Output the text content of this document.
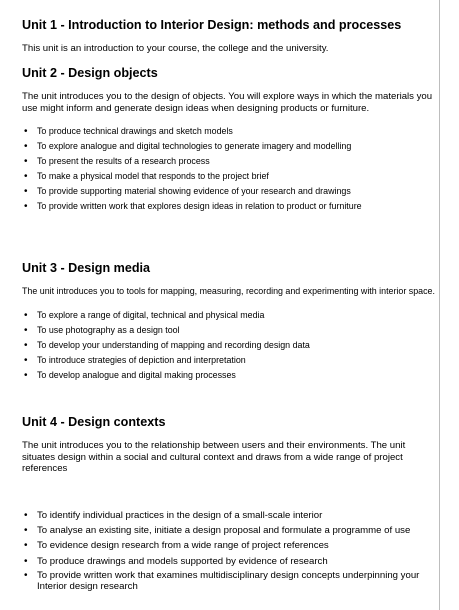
Unit 1 - Introduction to Interior Design: methods and processes

This unit is an introduction to your course, the college and the university.

Unit 2 - Design objects

The unit introduces you to the design of objects. You will explore ways in which the materials you use might inform and generate design ideas when designing products or furniture.

• To produce technical drawings and sketch models
• To explore analogue and digital technologies to generate imagery and modelling
• To present the results of a research process
• To make a physical model that responds to the project brief
• To provide supporting material showing evidence of your research and drawings
• To provide written work that explores design ideas in relation to product or furniture
Unit 3 - Design media

The unit introduces you to tools for mapping, measuring, recording and experimenting with interior space.

• To explore a range of digital, technical and physical media
• To use photography as a design tool
• To develop your understanding of mapping and recording design data
• To introduce strategies of depiction and interpretation
• To develop analogue and digital making processes
Unit 4 - Design contexts

The unit introduces you to the relationship between users and their environments. The unit situates design within a social and cultural context and draws from a wide range of project references

• To identify individual practices in the design of a small-scale interior
• To analyse an existing site, initiate a design proposal and formulate a programme of use
• To evidence design research from a wide range of project references
• To produce drawings and models supported by evidence of research
• To provide written work that examines multidisciplinary design concepts underpinning your Interior design research
